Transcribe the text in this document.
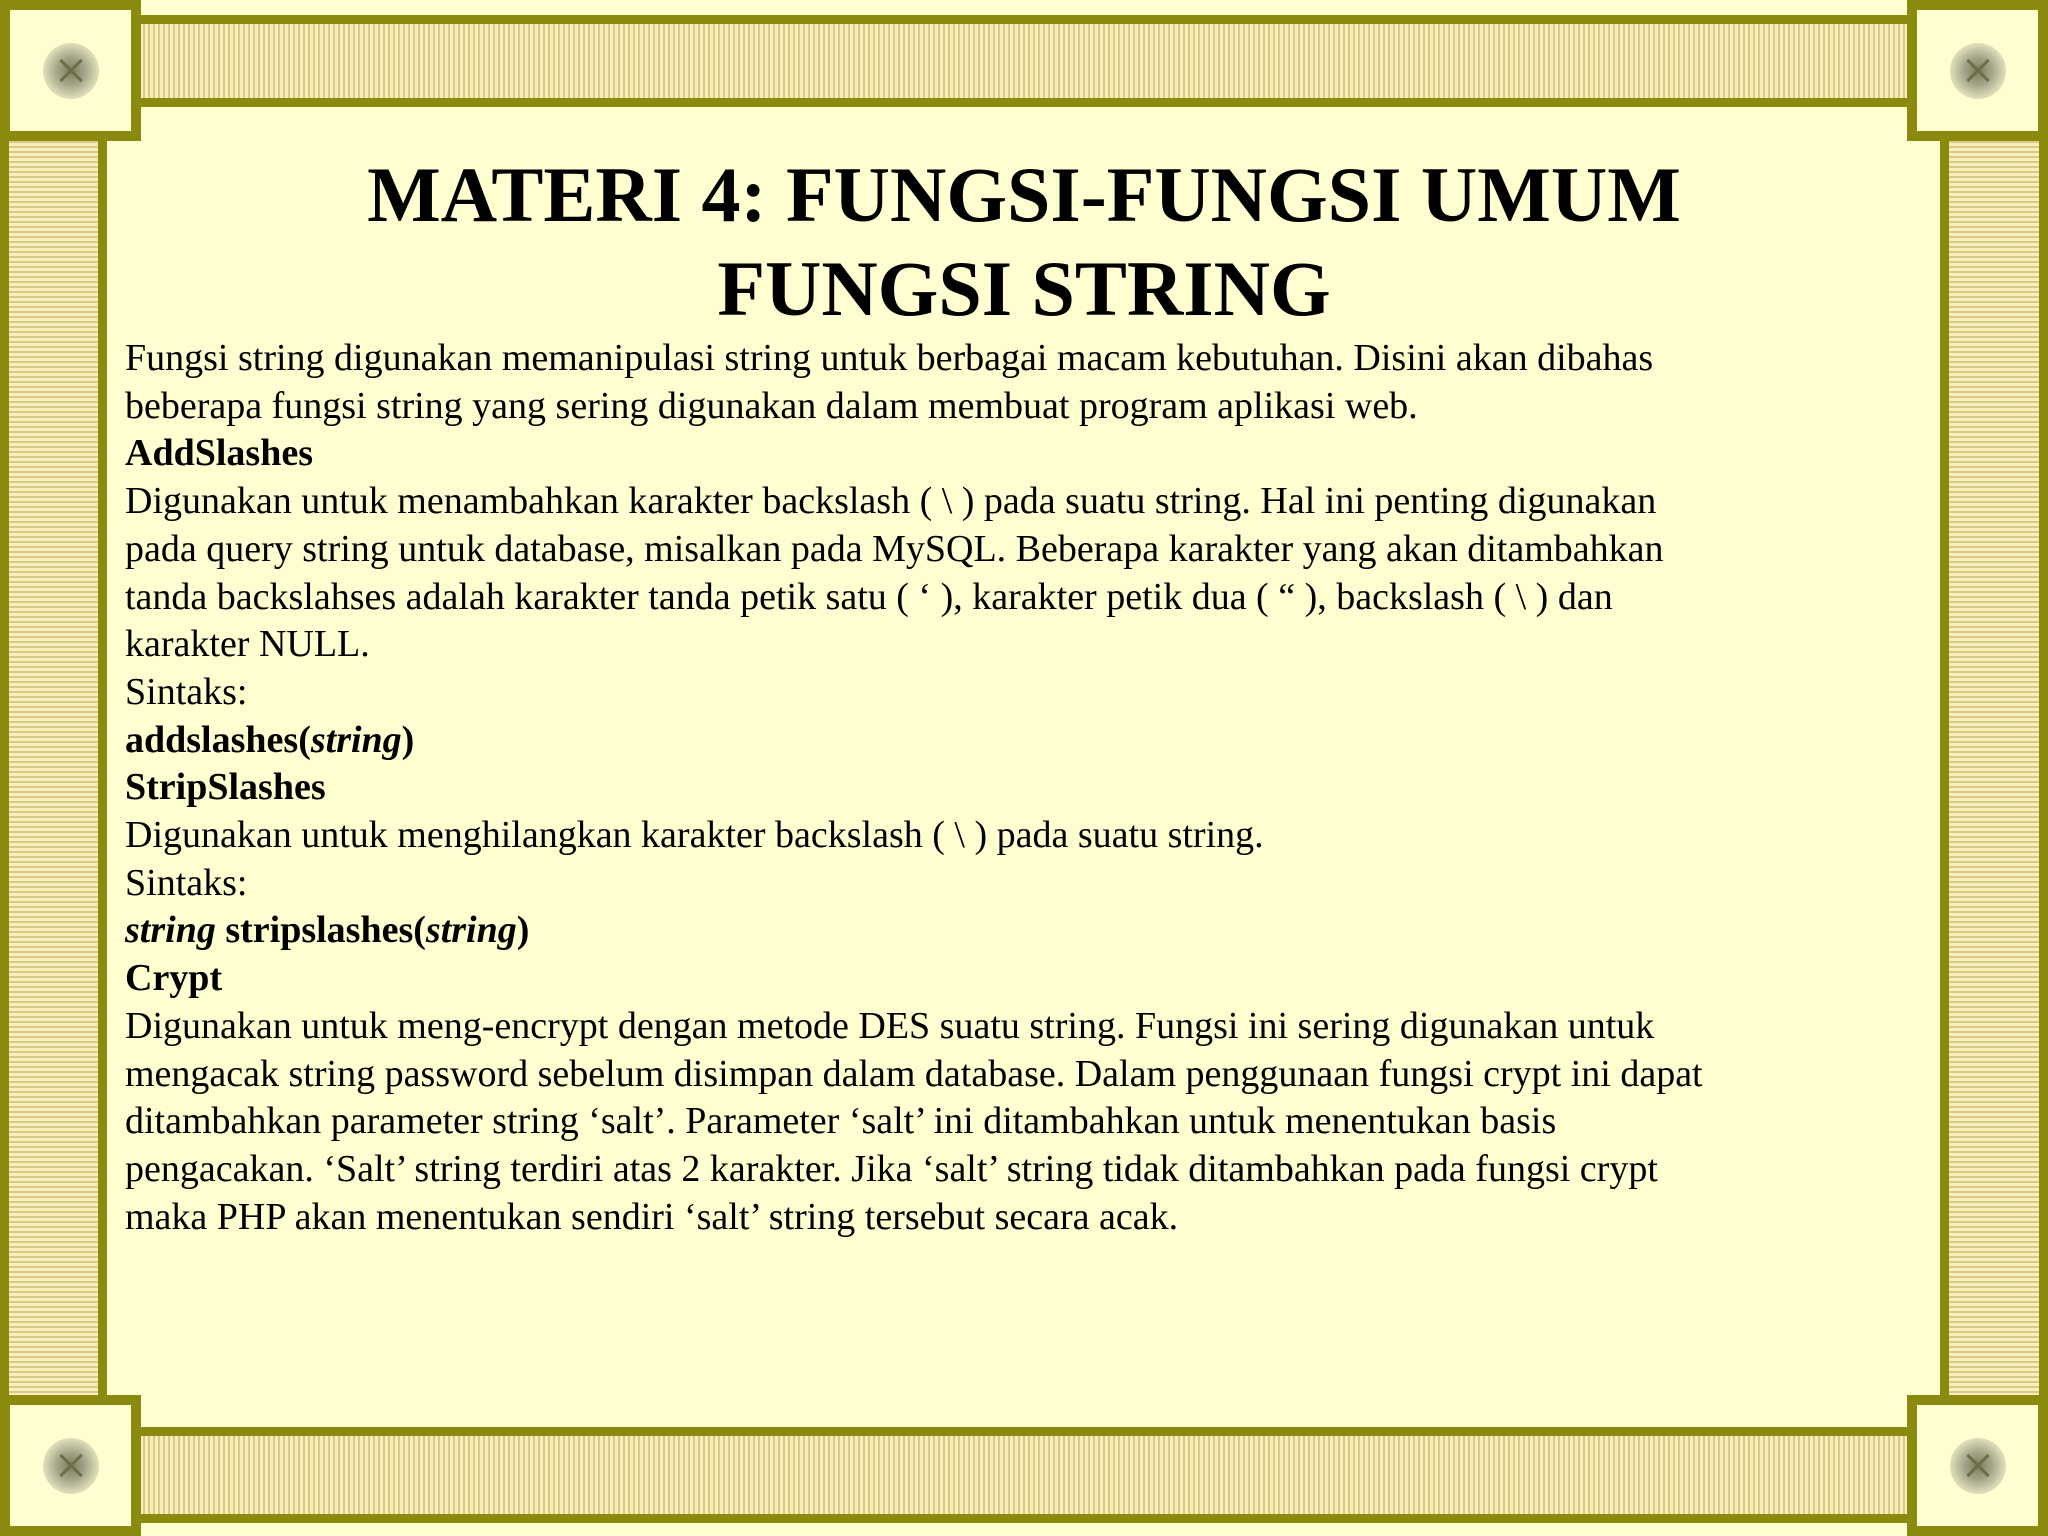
MATERI 4: FUNGSI-FUNGSI UMUM
FUNGSI STRING

Fungsi string digunakan memanipulasi string untuk berbagai macam kebutuhan. Disini akan dibahas beberapa fungsi string yang sering digunakan dalam membuat program aplikasi web.

AddSlashes

Digunakan untuk menambahkan karakter backslash ( \ ) pada suatu string. Hal ini penting digunakan pada query string untuk database, misalkan pada MySQL. Beberapa karakter yang akan ditambahkan tanda backslahses adalah karakter tanda petik satu ( ‘ ), karakter petik dua ( “ ), backslash ( \ ) dan karakter NULL.

Sintaks:

addslashes(string)

StripSlashes

Digunakan untuk menghilangkan karakter backslash ( \ ) pada suatu string.

Sintaks:

string stripslashes(string)

Crypt

Digunakan untuk meng-encrypt dengan metode DES suatu string. Fungsi ini sering digunakan untuk mengacak string password sebelum disimpan dalam database. Dalam penggunaan fungsi crypt ini dapat ditambahkan parameter string ‘salt’. Parameter ‘salt’ ini ditambahkan untuk menentukan basis pengacakan. ‘Salt’ string terdiri atas 2 karakter. Jika ‘salt’ string tidak ditambahkan pada fungsi crypt maka PHP akan menentukan sendiri ‘salt’ string tersebut secara acak.
